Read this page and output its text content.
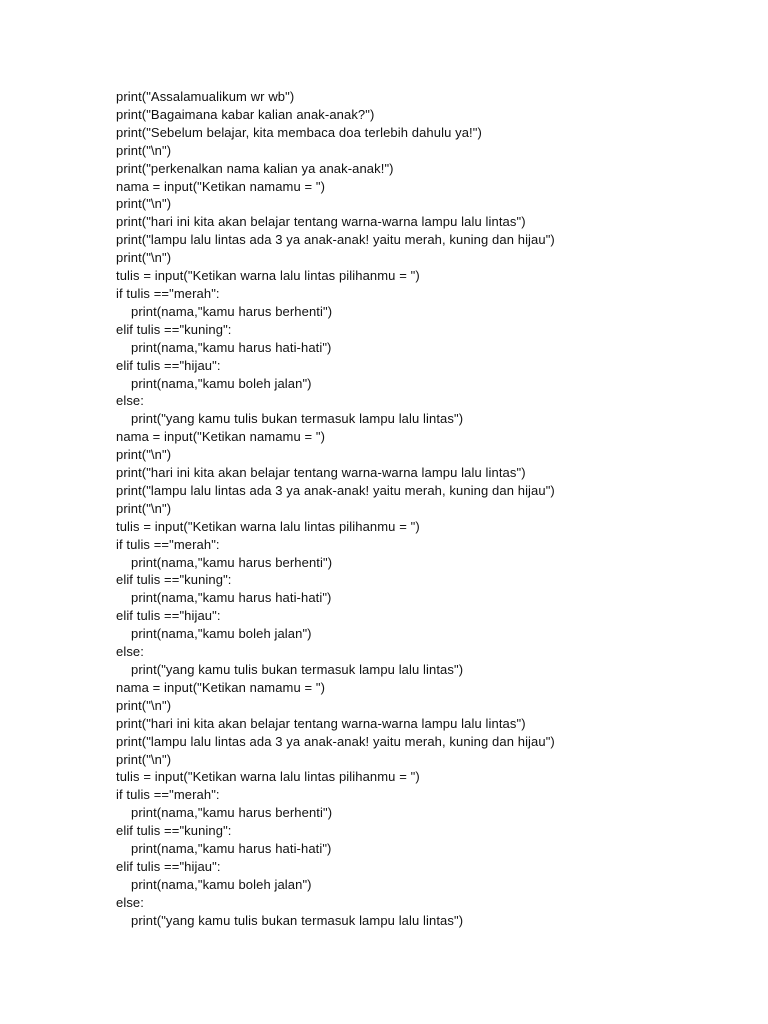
print("Assalamualikum wr wb")
print("Bagaimana kabar kalian anak-anak?")
print("Sebelum belajar, kita membaca doa terlebih dahulu ya!")
print("\n")
print("perkenalkan nama kalian ya anak-anak!")
nama = input("Ketikan namamu = ")
print("\n")
print("hari ini kita akan belajar tentang warna-warna lampu lalu lintas")
print("lampu lalu lintas ada 3 ya anak-anak! yaitu merah, kuning dan hijau")
print("\n")
tulis = input("Ketikan warna lalu lintas pilihanmu = ")
if tulis =="merah":
print(nama,"kamu harus berhenti")
elif tulis =="kuning":
print(nama,"kamu harus hati-hati")
elif tulis =="hijau":
print(nama,"kamu boleh jalan")
else:
print("yang kamu tulis bukan termasuk lampu lalu lintas")
nama = input("Ketikan namamu = ")
print("\n")
print("hari ini kita akan belajar tentang warna-warna lampu lalu lintas")
print("lampu lalu lintas ada 3 ya anak-anak! yaitu merah, kuning dan hijau")
print("\n")
tulis = input("Ketikan warna lalu lintas pilihanmu = ")
if tulis =="merah":
print(nama,"kamu harus berhenti")
elif tulis =="kuning":
print(nama,"kamu harus hati-hati")
elif tulis =="hijau":
print(nama,"kamu boleh jalan")
else:
print("yang kamu tulis bukan termasuk lampu lalu lintas")
nama = input("Ketikan namamu = ")
print("\n")
print("hari ini kita akan belajar tentang warna-warna lampu lalu lintas")
print("lampu lalu lintas ada 3 ya anak-anak! yaitu merah, kuning dan hijau")
print("\n")
tulis = input("Ketikan warna lalu lintas pilihanmu = ")
if tulis =="merah":
print(nama,"kamu harus berhenti")
elif tulis =="kuning":
print(nama,"kamu harus hati-hati")
elif tulis =="hijau":
print(nama,"kamu boleh jalan")
else:
print("yang kamu tulis bukan termasuk lampu lalu lintas")
